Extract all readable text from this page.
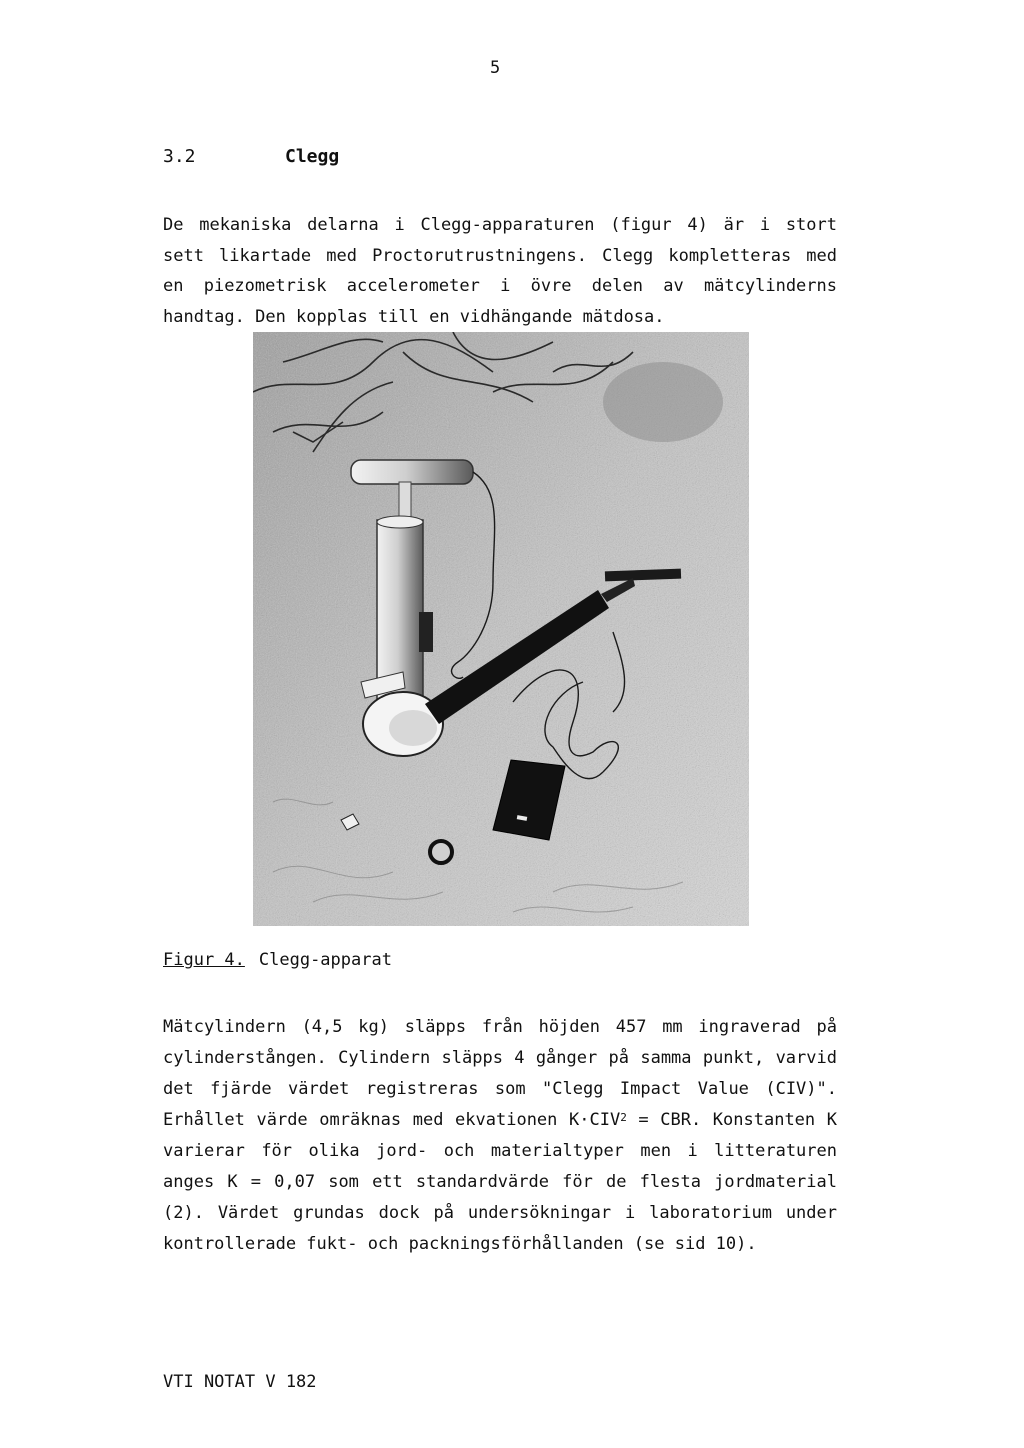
5
3.2	Clegg
De mekaniska delarna i Clegg-apparaturen (figur 4) är i stort sett likartade med Proctorutrustningens. Clegg kompletteras med en piezometrisk accelerometer i övre delen av mätcylinderns handtag. Den kopplas till en vidhängande mätdosa.
Figur 4. Clegg-apparat
Mätcylindern (4,5 kg) släpps från höjden 457 mm ingraverad på cylinderstången. Cylindern släpps 4 gånger på samma punkt, varvid det fjärde värdet registreras som "Clegg Impact Value (CIV)". Erhållet värde omräknas med ekvationen $K\cdot CIV^2$ = CBR. Konstanten K varierar för olika jord- och materialtyper men i litteraturen anges K = 0,07 som ett standardvärde för de flesta jordmaterial (2). Värdet grundas dock på undersökningar i laboratorium under kontrollerade fukt- och packningsförhållanden (se sid 10).
VTI NOTAT V 182
